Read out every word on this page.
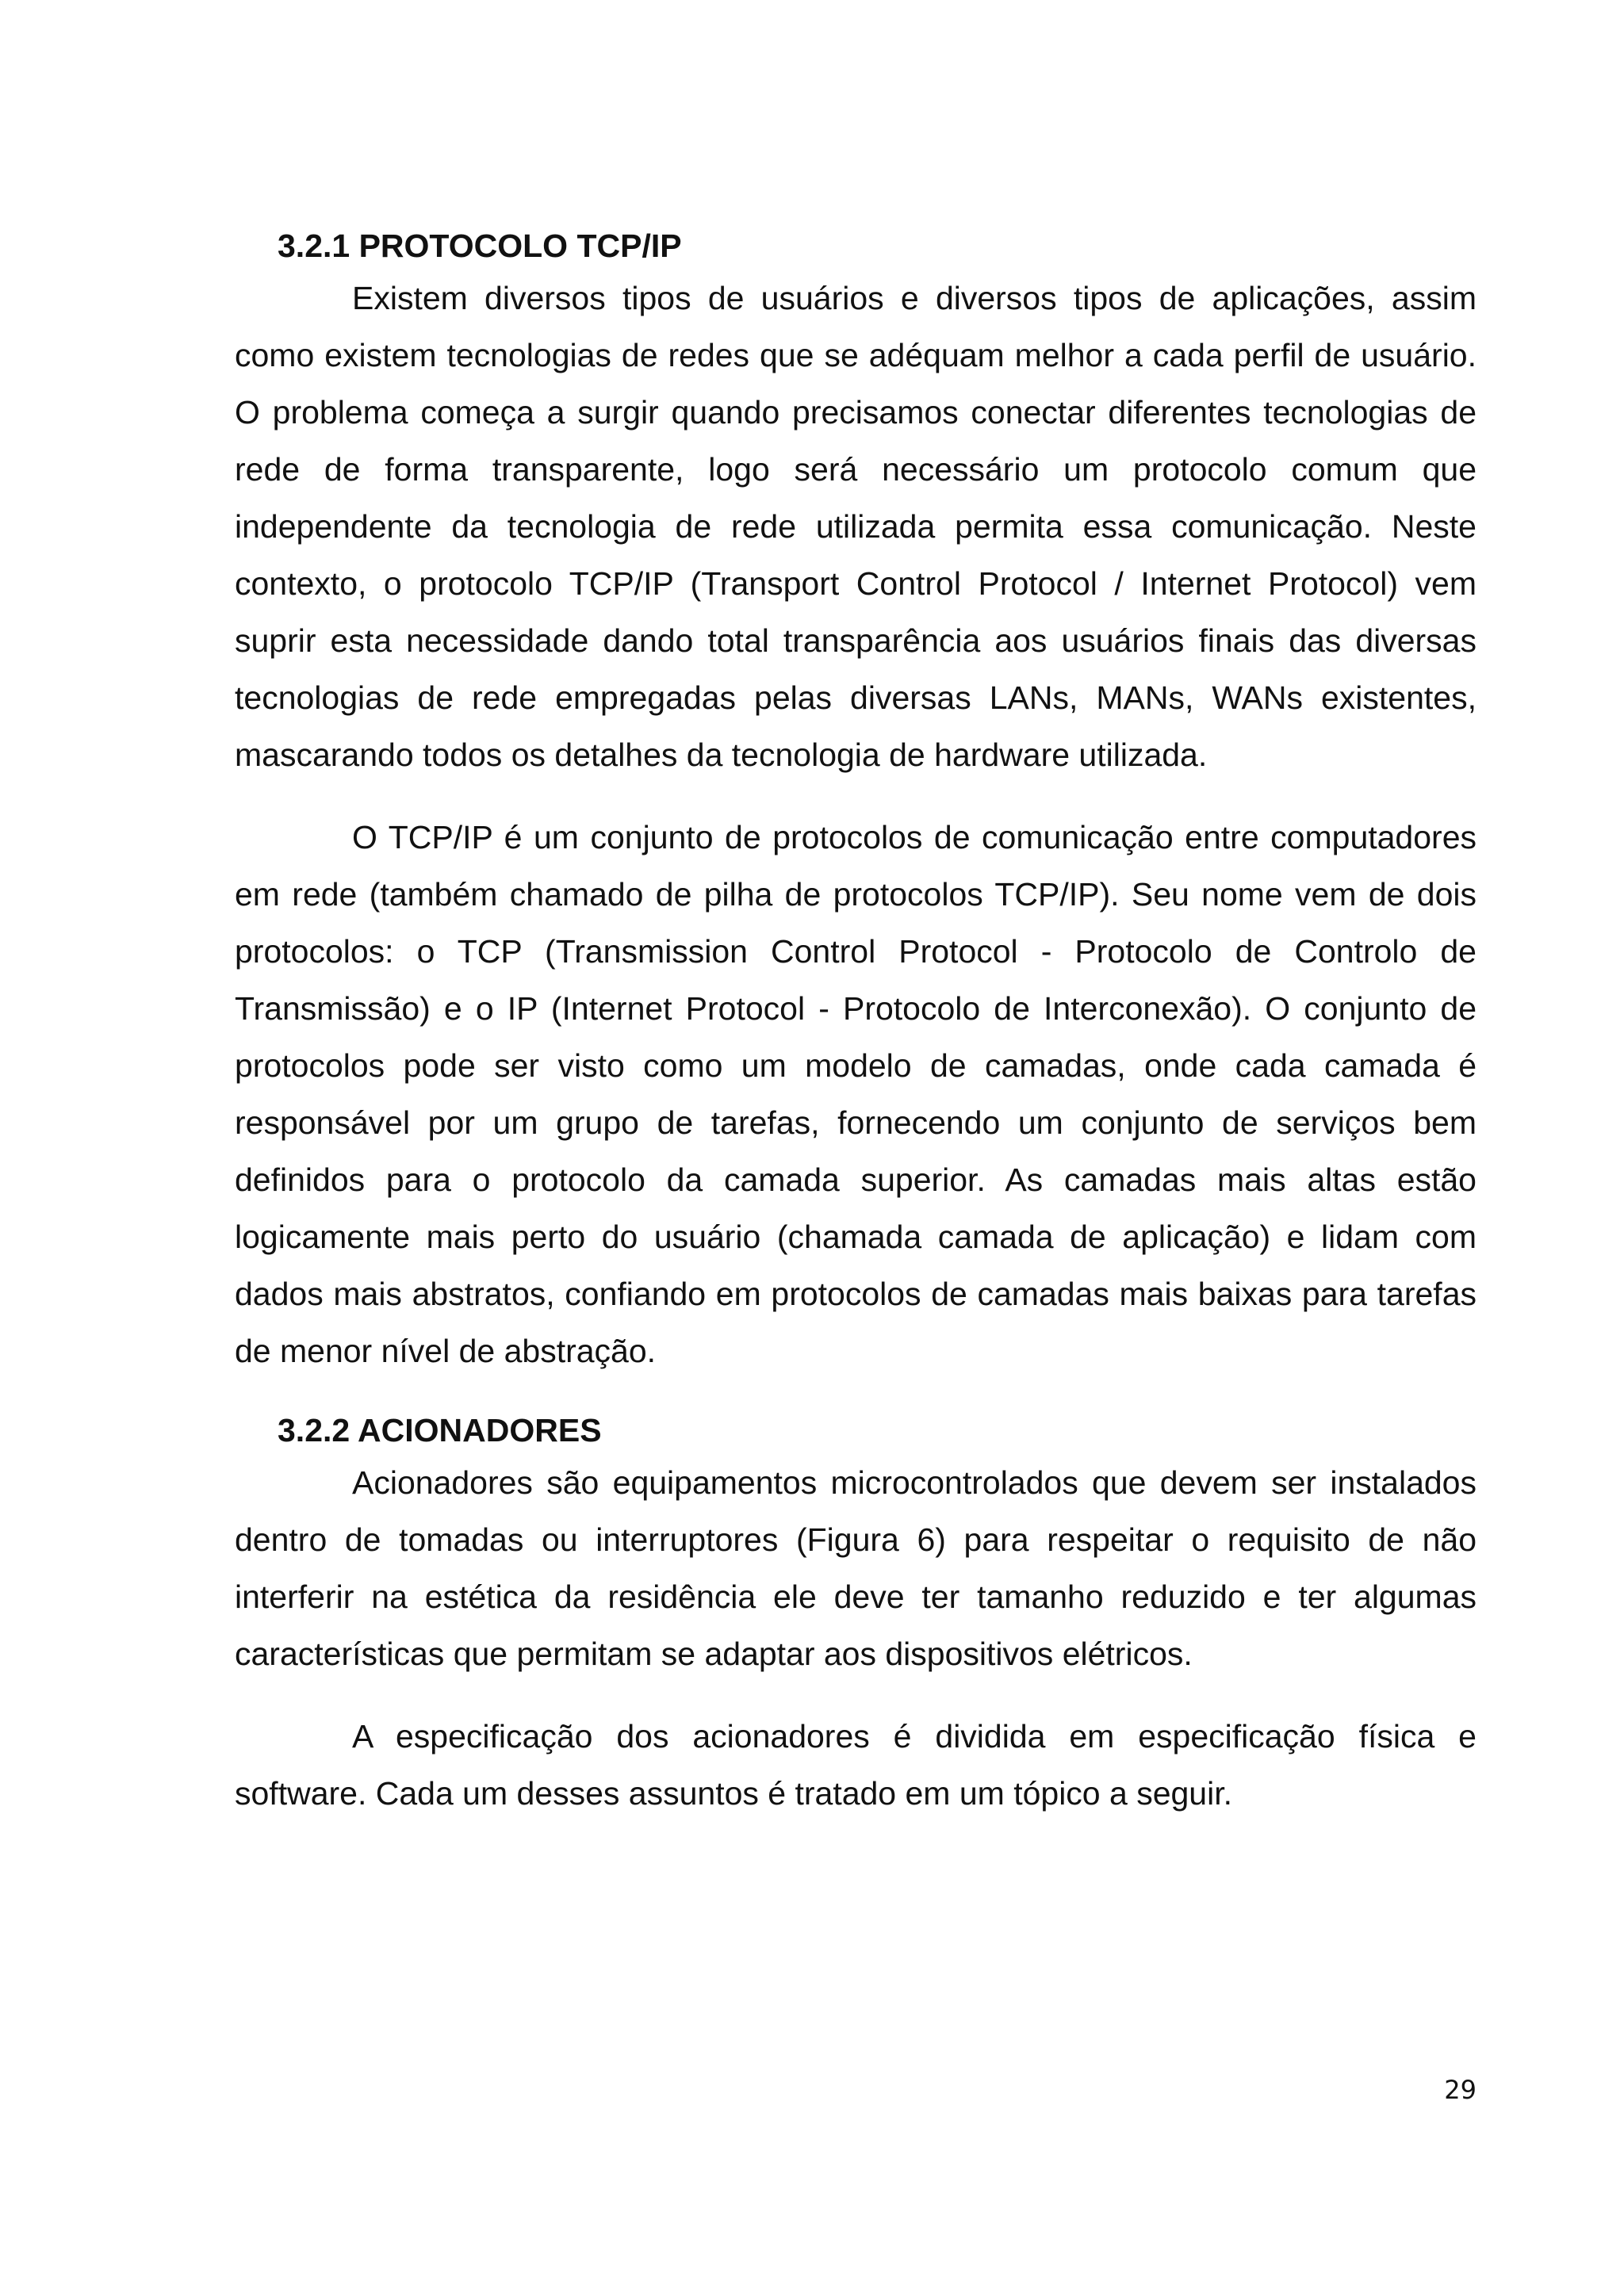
3.2.1 PROTOCOLO TCP/IP

Existem diversos tipos de usuários e diversos tipos de aplicações, assim como existem tecnologias de redes que se adéquam melhor a cada perfil de usuário. O problema começa a surgir quando precisamos conectar diferentes tecnologias de rede de forma transparente, logo será necessário um protocolo comum que independente da tecnologia de rede utilizada permita essa comunicação. Neste contexto, o protocolo TCP/IP (Transport Control Protocol / Internet Protocol) vem suprir esta necessidade dando total transparência aos usuários finais das diversas tecnologias de rede empregadas pelas diversas LANs, MANs, WANs existentes, mascarando todos os detalhes da tecnologia de hardware utilizada.

O TCP/IP é um conjunto de protocolos de comunicação entre computadores em rede (também chamado de pilha de protocolos TCP/IP). Seu nome vem de dois protocolos: o TCP (Transmission Control Protocol - Protocolo de Controlo de Transmissão) e o IP (Internet Protocol - Protocolo de Interconexão). O conjunto de protocolos pode ser visto como um modelo de camadas, onde cada camada é responsável por um grupo de tarefas, fornecendo um conjunto de serviços bem definidos para o protocolo da camada superior. As camadas mais altas estão logicamente mais perto do usuário (chamada camada de aplicação) e lidam com dados mais abstratos, confiando em protocolos de camadas mais baixas para tarefas de menor nível de abstração.

3.2.2 ACIONADORES

Acionadores são equipamentos microcontrolados que devem ser instalados dentro de tomadas ou interruptores (Figura 6) para respeitar o requisito de não interferir na estética da residência ele deve ter tamanho reduzido e ter algumas características que permitam se adaptar aos dispositivos elétricos.

A especificação dos acionadores é dividida em especificação física e software. Cada um desses assuntos é tratado em um tópico a seguir.

29
